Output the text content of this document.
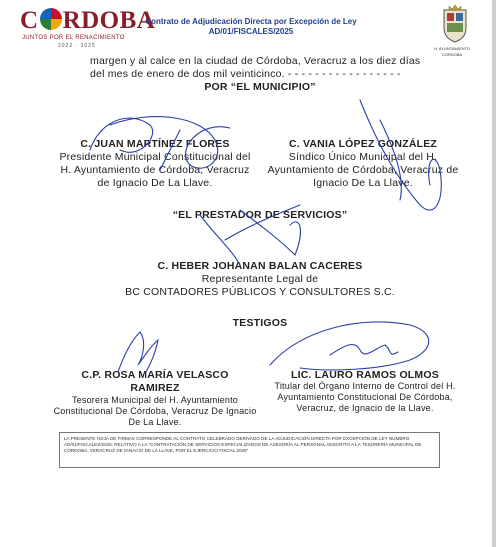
C RDOBA
JUNTOS POR EL RENACIMIENTO
2022 · 2025
Contrato de Adjudicación Directa por Excepción de Ley
AD/01/FISCALES/2025
H. AYUNTAMIENTO
CÓRDOBA
margen y al calce en la ciudad de Córdoba, Veracruz a los diez días
del mes de enero de dos mil veinticinco. - - - - - - - - - - - - - - - - -
POR “EL MUNICIPIO”
C. JUAN MARTÍNEZ FLORES
Presidente Municipal Constitucional del
H. Ayuntamiento de Córdoba, Veracruz
de Ignacio De La Llave.
C. VANIA LÓPEZ GONZÁLEZ
Síndico Único Municipal del H.
Ayuntamiento de Córdoba, Veracruz de
Ignacio De La Llave.
“EL PRESTADOR DE SERVICIOS”
C. HEBER JOHANAN BALAN CACERES
Representante Legal de
BC CONTADORES PÚBLICOS Y CONSULTORES S.C.
TESTIGOS
C.P. ROSA MARÍA VELASCO
RAMIREZ
Tesorera Municipal del H. Ayuntamiento
Constitucional De Córdoba, Veracruz De Ignacio
De La Llave.
LIC. LAURO RAMOS OLMOS
Titular del Órgano Interno de Control del H.
Ayuntamiento Constitucional De Córdoba,
Veracruz, de Ignacio de la Llave.
LA PRESENTE HOJA DE FIRMAS CORRESPONDE AL CONTRATO CELEBRADO DERIVADO DE LA ADJUDICACIÓN DIRECTA POR EXCEPCIÓN DE LEY NÚMERO AD/01/FISCALES/2025, RELATIVO A LA "CONTRATACIÓN DE SERVICIOS ESPECIALIZADOS DE ASESORÍA AL PERSONAL ADSCRITO A LA TESORERÍA MUNICIPAL DE CÓRDOBA, VERACRUZ DE IGNACIO DE LA LLAVE, POR EL EJERCICIO FISCAL 2025"
